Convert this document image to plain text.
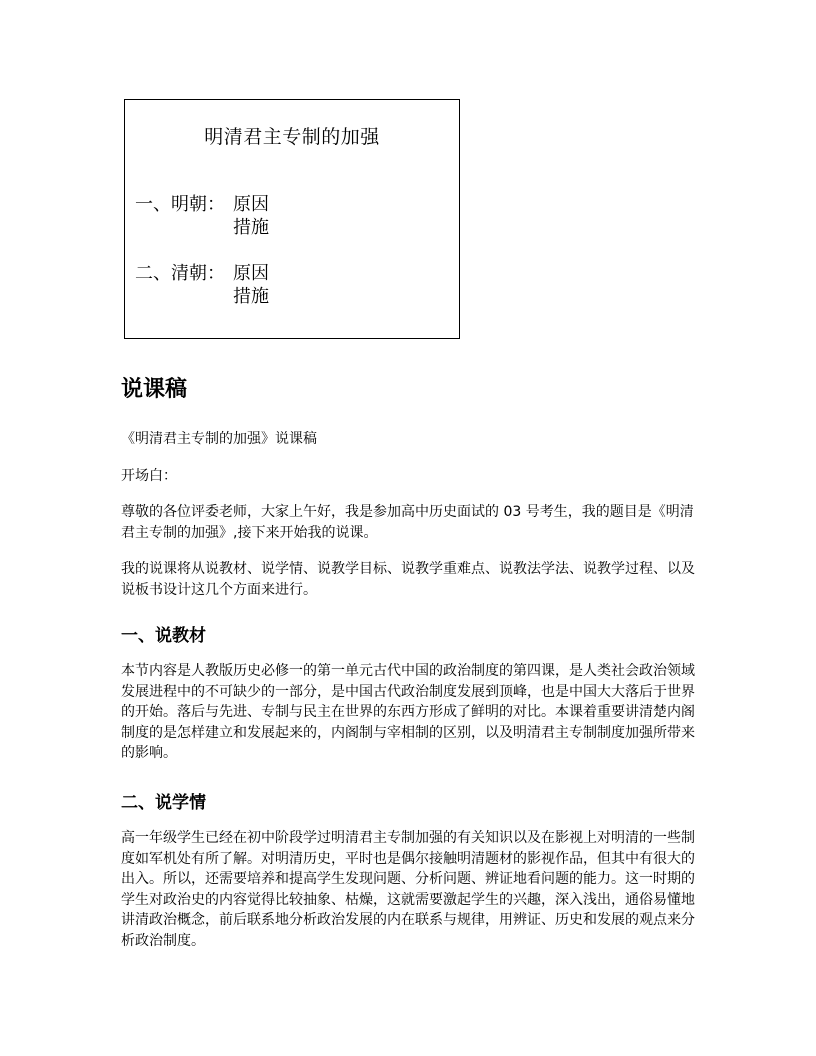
明清君主专制的加强
一、明朝： 原因
措施
二、清朝： 原因
措施
说课稿

《明清君主专制的加强》说课稿

开场白：

尊敬的各位评委老师，大家上午好，我是参加高中历史面试的 03 号考生，我的题目是《明清君主专制的加强》,接下来开始我的说课。

我的说课将从说教材、说学情、说教学目标、说教学重难点、说教法学法、说教学过程、以及说板书设计这几个方面来进行。

一、说教材

本节内容是人教版历史必修一的第一单元古代中国的政治制度的第四课，是人类社会政治领域发展进程中的不可缺少的一部分，是中国古代政治制度发展到顶峰，也是中国大大落后于世界的开始。落后与先进、专制与民主在世界的东西方形成了鲜明的对比。本课着重要讲清楚内阁制度的是怎样建立和发展起来的，内阁制与宰相制的区别，以及明清君主专制制度加强所带来的影响。

二、说学情

高一年级学生已经在初中阶段学过明清君主专制加强的有关知识以及在影视上对明清的一些制度如军机处有所了解。对明清历史，平时也是偶尔接触明清题材的影视作品，但其中有很大的出入。所以，还需要培养和提高学生发现问题、分析问题、辨证地看问题的能力。这一时期的学生对政治史的内容觉得比较抽象、枯燥，这就需要激起学生的兴趣，深入浅出，通俗易懂地讲清政治概念，前后联系地分析政治发展的内在联系与规律，用辨证、历史和发展的观点来分析政治制度。
